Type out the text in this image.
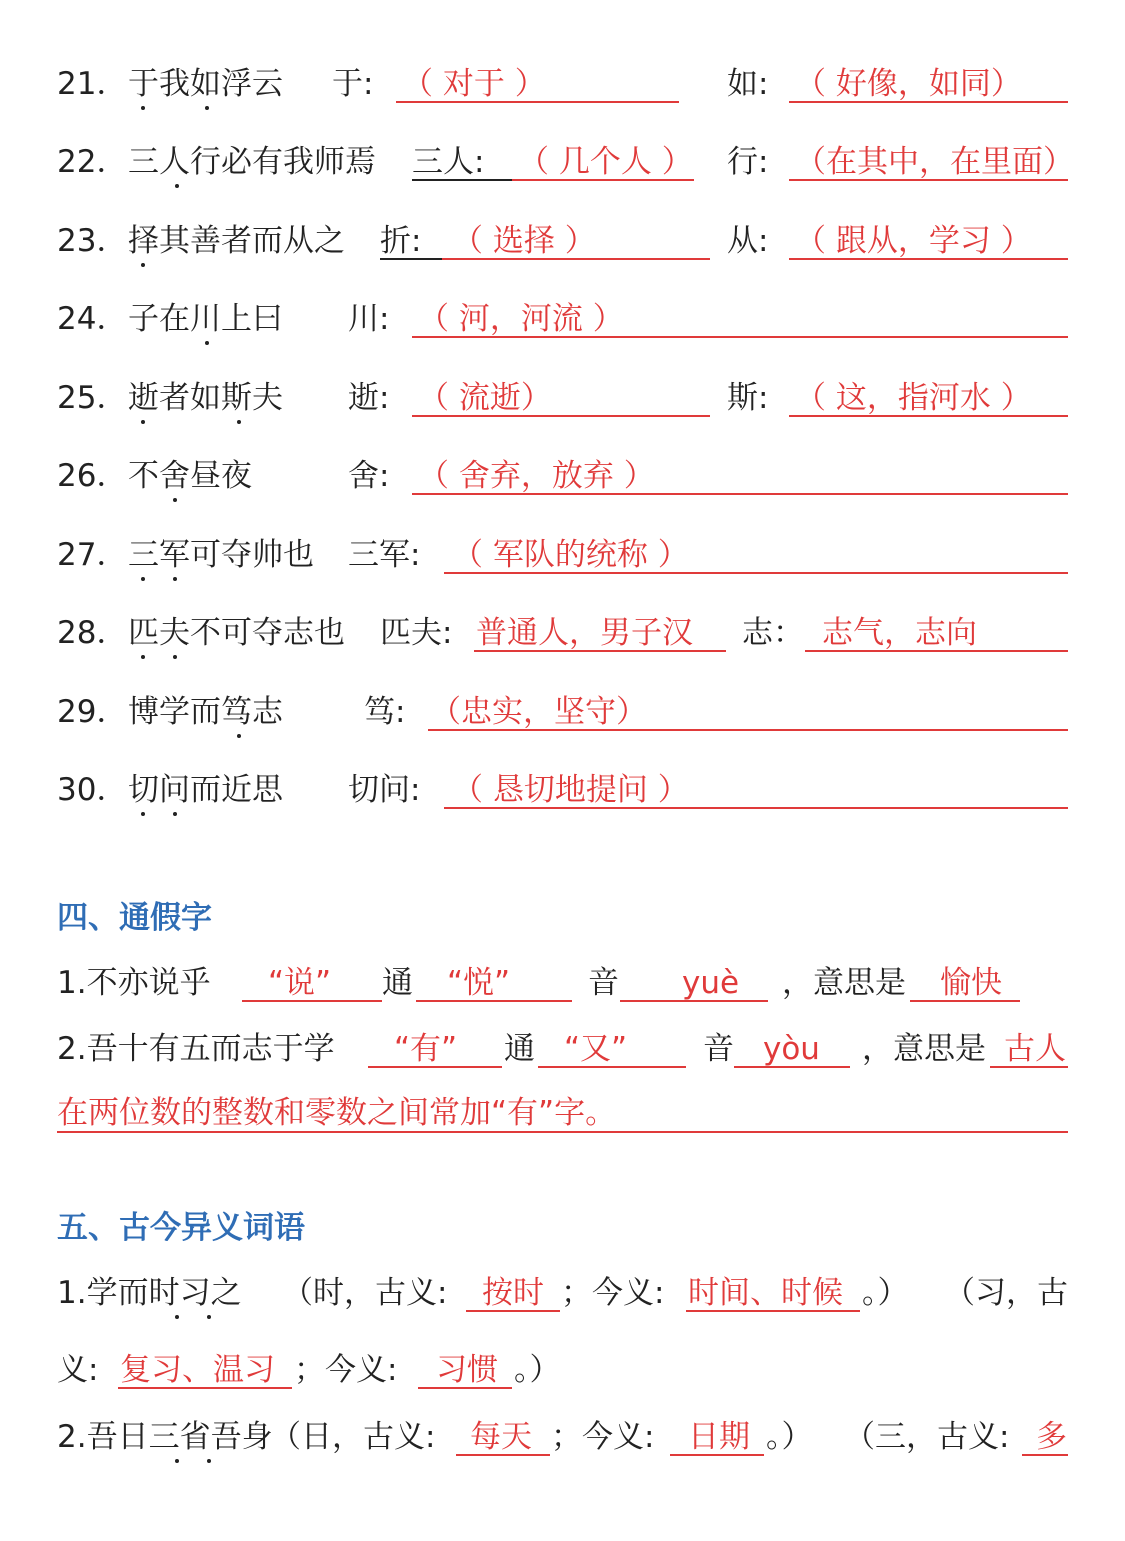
21． 于我如浮云 于: （ 对于 ）	如: （ 好像，如同）
22． 三人行必有我师焉 三人: （ 几个人 ） 行: （在其中，在里面）
23． 择其善者而从之 折: （ 选择 ）	从: （ 跟从，学习 ）
24． 子在川上曰 川: （ 河，河流 ）
25． 逝者如斯夫 逝: （ 流逝）	斯: （ 这，指河水 ）
26． 不舍昼夜	舍: （ 舍弃，放弃 ）
27． 三军可夺帅也 三军: （ 军队的统称 ）
28． 匹夫不可夺志也 匹夫: 普通人，男子汉 志： 志气，志向
29． 博学而笃志	笃: （忠实，坚守）
30． 切问而近思 切问: （ 恳切地提问 ）
四、通假字
1.不亦说乎 “说” 通 “悦”	音 yuè ，意思是 愉快
2.吾十有五而志于学 “有” 通 “又” 音 yòu ，意思是 古人
在两位数的整数和零数之间常加“有”字。
五、古今异义词语
1.学而时习之 （时，古义: 按时 ；今义: 时间、时候 。） （习，古
义: 复习、温习 ；今义: 习惯 。）
2.吾日三省吾身
（日，古义: 每天 ；今义: 日期 。） （三，古义: 多
